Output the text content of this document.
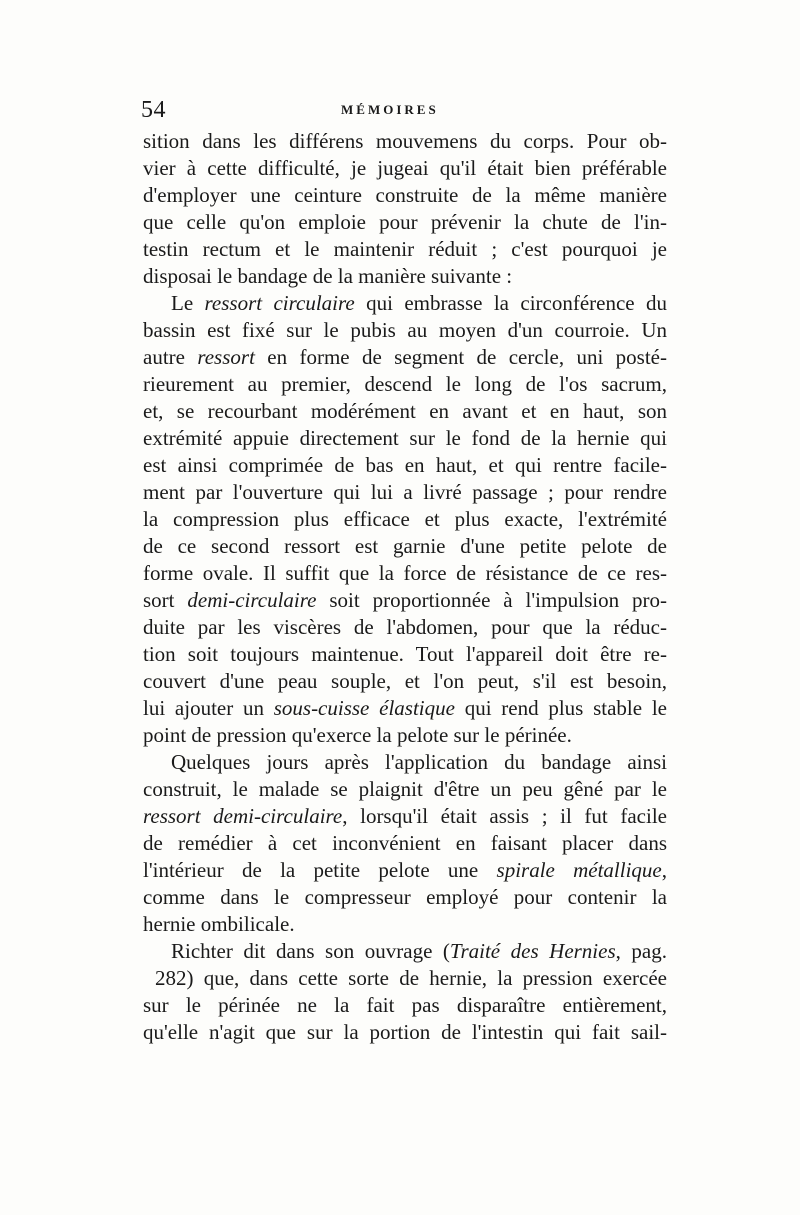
54	MÉMOIRES
sition dans les différens mouvemens du corps. Pour ob-
vier à cette difficulté, je jugeai qu'il était bien préférable
d'employer une ceinture construite de la même manière
que celle qu'on emploie pour prévenir la chute de l'in-
testin rectum et le maintenir réduit ; c'est pourquoi je
disposai le bandage de la manière suivante :
Le ressort circulaire qui embrasse la circonférence du
bassin est fixé sur le pubis au moyen d'un courroie. Un
autre ressort en forme de segment de cercle, uni posté-
rieurement au premier, descend le long de l'os sacrum,
et, se recourbant modérément en avant et en haut, son
extrémité appuie directement sur le fond de la hernie qui
est ainsi comprimée de bas en haut, et qui rentre facile-
ment par l'ouverture qui lui a livré passage ; pour rendre
la compression plus efficace et plus exacte, l'extrémité
de ce second ressort est garnie d'une petite pelote de
forme ovale. Il suffit que la force de résistance de ce res-
sort demi-circulaire soit proportionnée à l'impulsion pro-
duite par les viscères de l'abdomen, pour que la réduc-
tion soit toujours maintenue. Tout l'appareil doit être re-
couvert d'une peau souple, et l'on peut, s'il est besoin,
lui ajouter un sous-cuisse élastique qui rend plus stable le
point de pression qu'exerce la pelote sur le périnée.
Quelques jours après l'application du bandage ainsi
construit, le malade se plaignit d'être un peu gêné par le
ressort demi-circulaire, lorsqu'il était assis ; il fut facile
de remédier à cet inconvénient en faisant placer dans
l'intérieur de la petite pelote une spirale métallique,
comme dans le compresseur employé pour contenir la
hernie ombilicale.
Richter dit dans son ouvrage (Traité des Hernies, pag.
282) que, dans cette sorte de hernie, la pression exercée
sur le périnée ne la fait pas disparaître entièrement,
qu'elle n'agit que sur la portion de l'intestin qui fait sail-
